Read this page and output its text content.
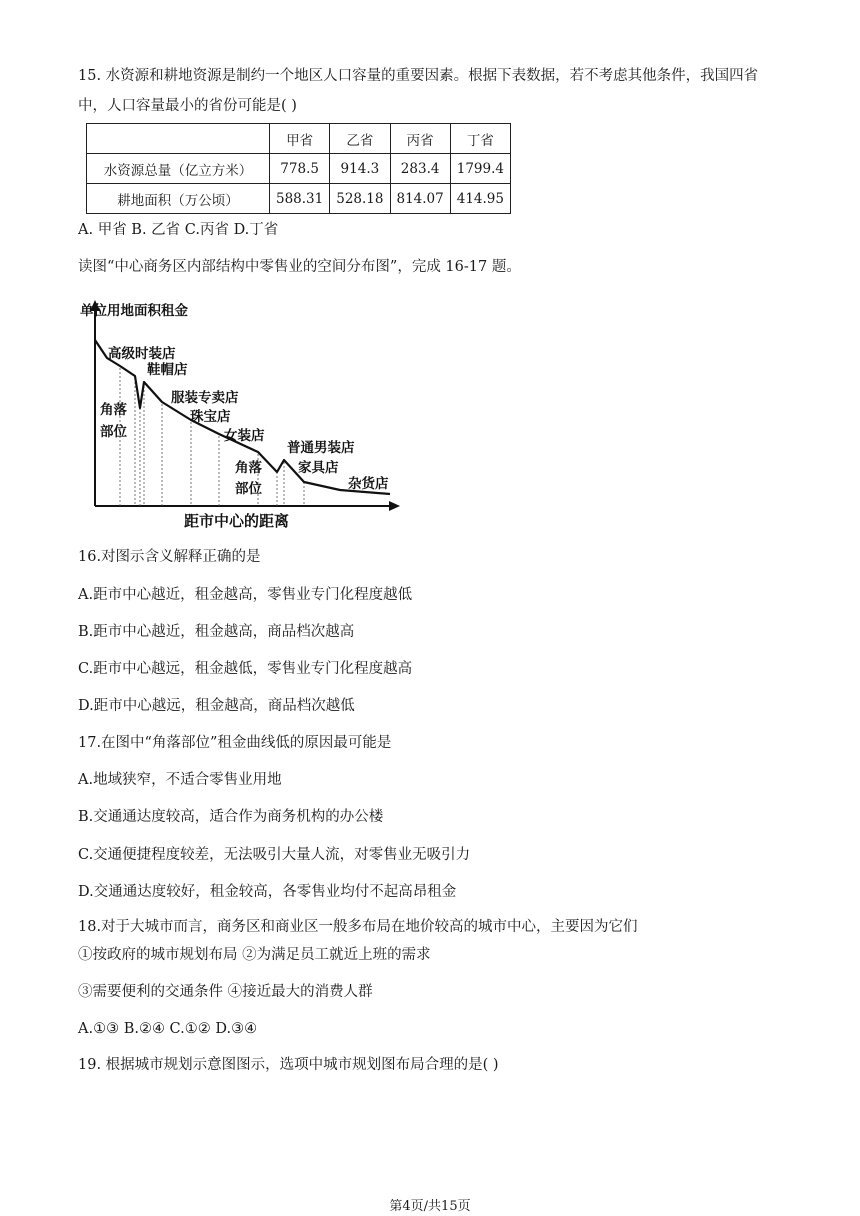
15. 水资源和耕地资源是制约一个地区人口容量的重要因素。根据下表数据，若不考虑其他条件，我国四省
中，人口容量最小的省份可能是( )
	甲省	乙省	丙省	丁省
水资源总量（亿立方米）	778.5	914.3	283.4	1799.4
耕地面积（万公顷）	588.31	528.18	814.07	414.95
A. 甲省 B. 乙省 C.丙省 D.丁省
读图“中心商务区内部结构中零售业的空间分布图”，完成 16-17 题。
单位用地面积租金
高级时装店
鞋帽店
角落
部位
服装专卖店
珠宝店
女装店
角落
部位
普通男装店
家具店
杂货店
距市中心的距离
16.对图示含义解释正确的是
A.距市中心越近，租金越高，零售业专门化程度越低
B.距市中心越近，租金越高，商品档次越高
C.距市中心越远，租金越低，零售业专门化程度越高
D.距市中心越远，租金越高，商品档次越低
17.在图中“角落部位”租金曲线低的原因最可能是
A.地域狭窄，不适合零售业用地
B.交通通达度较高，适合作为商务机构的办公楼
C.交通便捷程度较差，无法吸引大量人流，对零售业无吸引力
D.交通通达度较好，租金较高，各零售业均付不起高昂租金
18.对于大城市而言，商务区和商业区一般多布局在地价较高的城市中心，主要因为它们
①按政府的城市规划布局 ②为满足员工就近上班的需求
③需要便利的交通条件 ④接近最大的消费人群
A.①③ B.②④ C.①② D.③④
19. 根据城市规划示意图图示，选项中城市规划图布局合理的是( )
第4页/共15页
